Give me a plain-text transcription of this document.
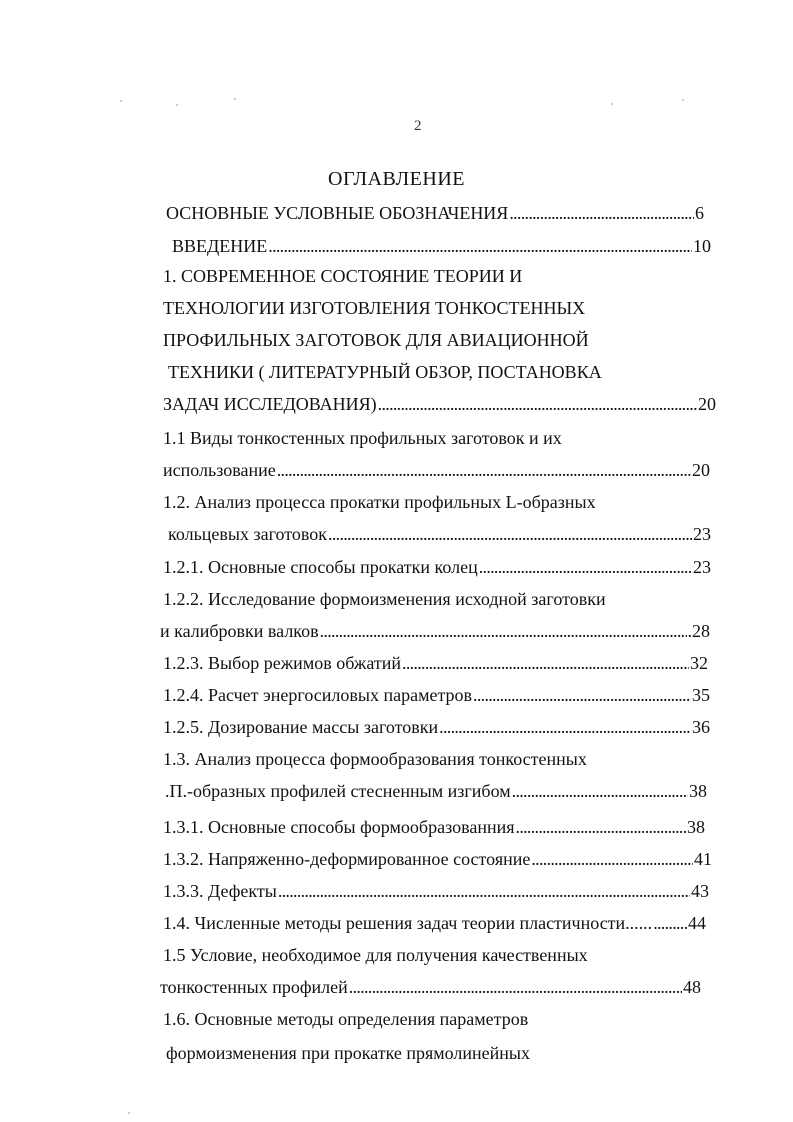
2
ОГЛАВЛЕНИЕ
ОСНОВНЫЕ УСЛОВНЫЕ ОБОЗНАЧЕНИЯ . . .	6
ВВЕДЕНИЕ . . .	10
1. СОВРЕМЕННОЕ СОСТОЯНИЕ ТЕОРИИ И
ТЕХНОЛОГИИ ИЗГОТОВЛЕНИЯ ТОНКОСТЕННЫХ
ПРОФИЛЬНЫХ ЗАГОТОВОК ДЛЯ АВИАЦИОННОЙ
ТЕХНИКИ ( ЛИТЕРАТУРНЫЙ ОБЗОР, ПОСТАНОВКА
ЗАДАЧ ИССЛЕДОВАНИЯ) . . .	20
1.1 Виды тонкостенных профильных заготовок и их
использование . . .	20
1.2. Анализ процесса прокатки профильных L-образных
кольцевых заготовок . . .	23
1.2.1. Основные способы прокатки колец . . .	23
1.2.2. Исследование формоизменения исходной заготовки
и калибровки валков . . .	.28
1.2.3. Выбор режимов обжатий . . .	32
1.2.4. Расчет энергосиловых параметров . . .	35
1.2.5. Дозирование массы заготовки . . .	36
1.3. Анализ процесса формообразования тонкостенных
.П.-образных профилей стесненным изгибом . . .	38
1.3.1. Основные способы формообразованния . . .	38
1.3.2. Напряженно-деформированное состояние . . .	41
1.3.3. Дефекты . . .	43
1.4. Численные методы решения задач теории пластичности...... . . . 44
1.5 Условие, необходимое для получения качественных
тонкостенных профилей . . .	48
1.6. Основные методы определения параметров
формоизменения при прокатке прямолинейных
